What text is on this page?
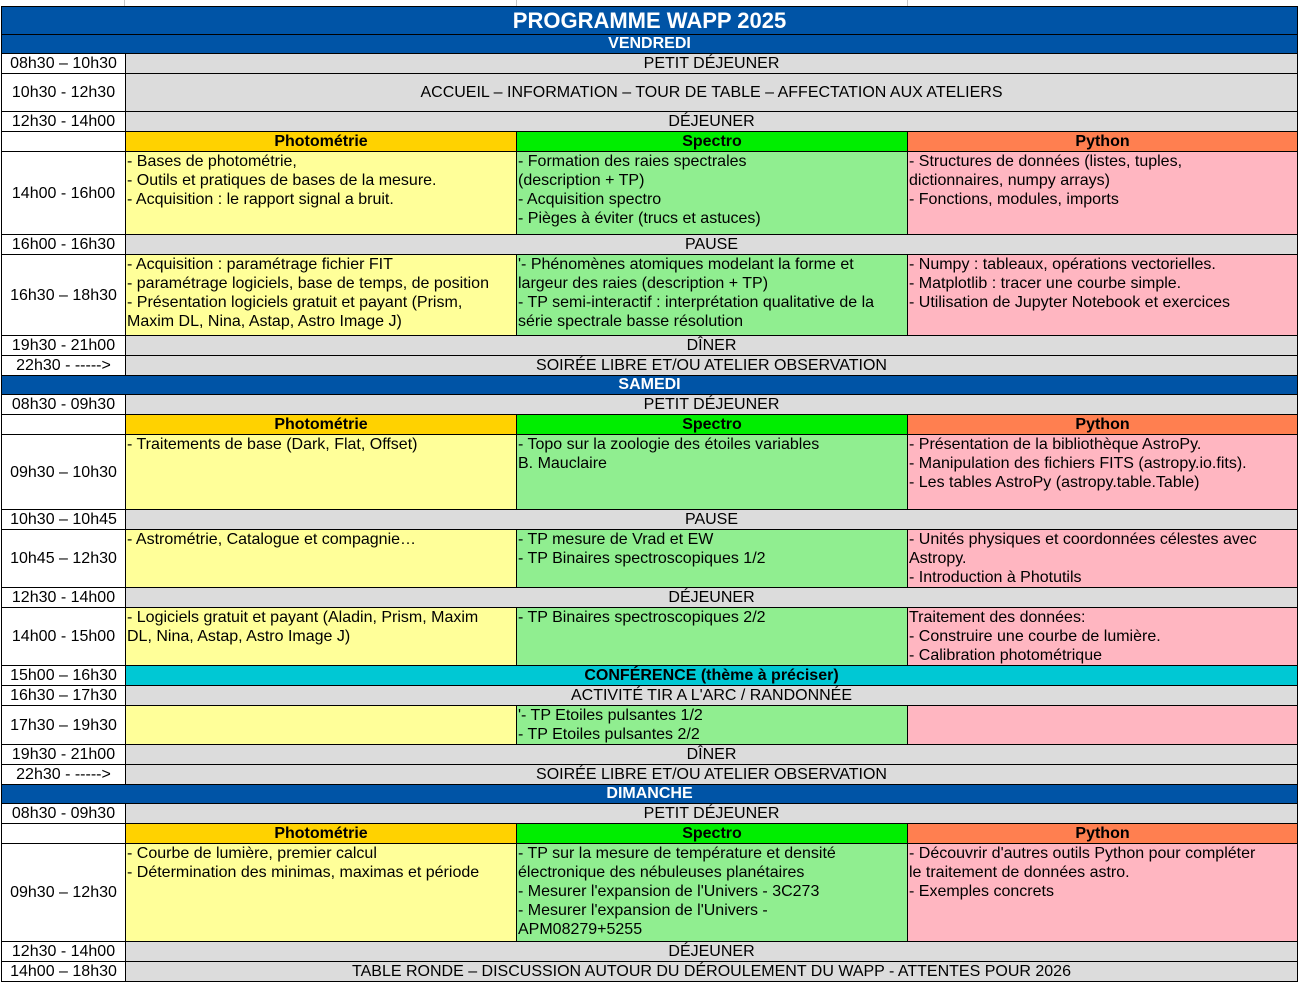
PROGRAMME WAPP 2025			
VENDREDI			
08h30 – 10h30	PETIT DÉJEUNER		
10h30 - 12h30	ACCUEIL – INFORMATION – TOUR DE TABLE – AFFECTATION AUX ATELIERS		
12h30 - 14h00	DÉJEUNER		
	Photométrie	Spectro	Python
14h00 - 16h00	- Bases de photométrie,
- Outils et pratiques de bases de la mesure.
- Acquisition : le rapport signal a bruit.	- Formation des raies spectrales
(description + TP)
- Acquisition spectro
- Pièges à éviter (trucs et astuces)	- Structures de données (listes, tuples,
dictionnaires, numpy arrays)
- Fonctions, modules, imports

16h00 - 16h30	PAUSE		
16h30 – 18h30	- Acquisition : paramétrage fichier FIT
- paramétrage logiciels, base de temps, de position
- Présentation logiciels gratuit et payant (Prism,
Maxim DL, Nina, Astap, Astro Image J)	'- Phénomènes atomiques modelant la forme et
largeur des raies (description + TP)
- TP semi-interactif : interprétation qualitative de la
série spectrale basse résolution	- Numpy : tableaux, opérations vectorielles.
- Matplotlib : tracer une courbe simple.
- Utilisation de Jupyter Notebook et exercices

19h30 - 21h00	DÎNER		
22h30 - ----->	SOIRÉE LIBRE ET/OU ATELIER OBSERVATION		
SAMEDI			
08h30 - 09h30	PETIT DÉJEUNER		
	Photométrie	Spectro	Python
09h30 – 10h30	- Traitements de base (Dark, Flat, Offset)	- Topo sur la zoologie des étoiles variables
B. Mauclaire	- Présentation de la bibliothèque AstroPy.
- Manipulation des fichiers FITS (astropy.io.fits).
- Les tables AstroPy (astropy.table.Table)

10h30 – 10h45	PAUSE		
10h45 – 12h30	- Astrométrie, Catalogue et compagnie…	- TP mesure de Vrad et EW
- TP Binaires spectroscopiques 1/2	- Unités physiques et coordonnées célestes avec
Astropy.
- Introduction à Photutils

12h30 - 14h00	DÉJEUNER		
14h00 - 15h00	- Logiciels gratuit et payant (Aladin, Prism, Maxim
DL, Nina, Astap, Astro Image J)	- TP Binaires spectroscopiques 2/2	Traitement des données:
- Construire une courbe de lumière.
- Calibration photométrique

15h00 – 16h30	CONFÉRENCE (thème à préciser)		
16h30 – 17h30	ACTIVITÉ TIR A L'ARC / RANDONNÉE		
17h30 – 19h30		'- TP Etoiles pulsantes 1/2
- TP Etoiles pulsantes 2/2	

19h30 - 21h00	DÎNER		
22h30 - ----->	SOIRÉE LIBRE ET/OU ATELIER OBSERVATION		
DIMANCHE			
08h30 - 09h30	PETIT DÉJEUNER		
	Photométrie	Spectro	Python
09h30 – 12h30	- Courbe de lumière, premier calcul
- Détermination des minimas, maximas et période	- TP sur la mesure de température et densité
électronique des nébuleuses planétaires
- Mesurer l'expansion de l'Univers - 3C273
- Mesurer l'expansion de l'Univers -
APM08279+5255	- Découvrir d'autres outils Python pour compléter
le traitement de données astro.
- Exemples concrets

12h30 - 14h00	DÉJEUNER		
14h00 – 18h30	TABLE RONDE – DISCUSSION AUTOUR DU DÉROULEMENT DU WAPP - ATTENTES POUR 2026		
